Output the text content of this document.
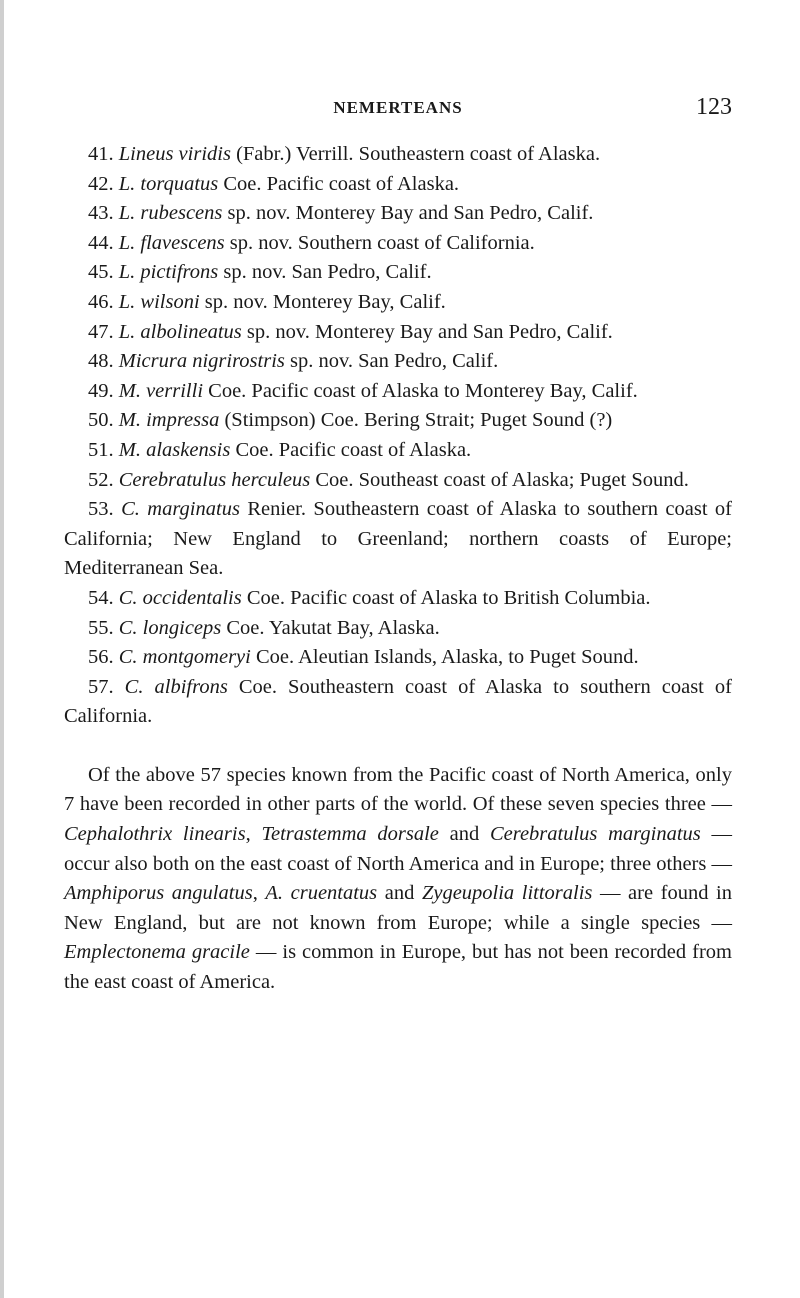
NEMERTEANS	123
41. Lineus viridis (Fabr.) Verrill. Southeastern coast of Alaska.
42. L. torquatus Coe. Pacific coast of Alaska.
43. L. rubescens sp. nov. Monterey Bay and San Pedro, Calif.
44. L. flavescens sp. nov. Southern coast of California.
45. L. pictifrons sp. nov. San Pedro, Calif.
46. L. wilsoni sp. nov. Monterey Bay, Calif.
47. L. albolineatus sp. nov. Monterey Bay and San Pedro, Calif.
48. Micrura nigrirostris sp. nov. San Pedro, Calif.
49. M. verrilli Coe. Pacific coast of Alaska to Monterey Bay, Calif.
50. M. impressa (Stimpson) Coe. Bering Strait; Puget Sound (?)
51. M. alaskensis Coe. Pacific coast of Alaska.
52. Cerebratulus herculeus Coe. Southeast coast of Alaska; Puget Sound.
53. C. marginatus Renier. Southeastern coast of Alaska to southern coast of California; New England to Greenland; northern coasts of Europe; Mediterranean Sea.
54. C. occidentalis Coe. Pacific coast of Alaska to British Columbia.
55. C. longiceps Coe. Yakutat Bay, Alaska.
56. C. montgomeryi Coe. Aleutian Islands, Alaska, to Puget Sound.
57. C. albifrons Coe. Southeastern coast of Alaska to southern coast of California.

Of the above 57 species known from the Pacific coast of North America, only 7 have been recorded in other parts of the world. Of these seven species three — Cephalothrix linearis, Tetrastemma dorsale and Cerebratulus marginatus — occur also both on the east coast of North America and in Europe; three others — Amphiporus angulatus, A. cruentatus and Zygeupolia littoralis — are found in New England, but are not known from Europe; while a single species — Emplectonema gracile — is common in Europe, but has not been recorded from the east coast of America.
